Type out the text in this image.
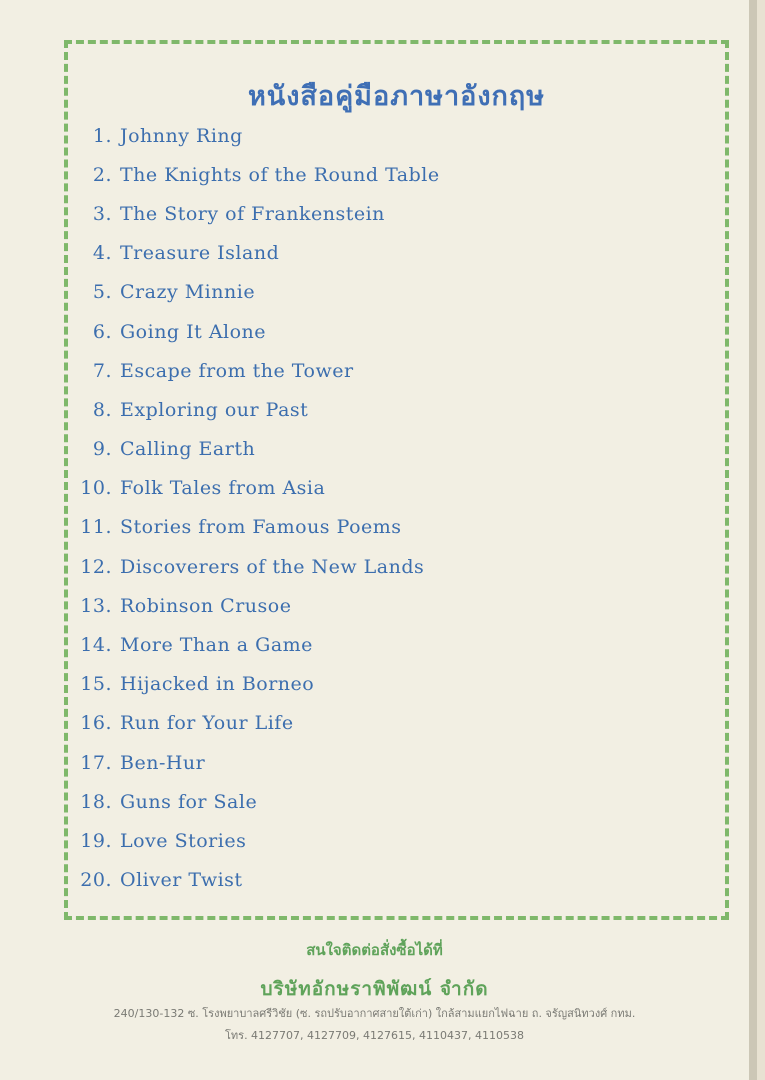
หนังสือคู่มือภาษาอังกฤษ
1. Johnny Ring
2. The Knights of the Round Table
3. The Story of Frankenstein
4. Treasure Island
5. Crazy Minnie
6. Going It Alone
7. Escape from the Tower
8. Exploring our Past
9. Calling Earth
10. Folk Tales from Asia
11. Stories from Famous Poems
12. Discoverers of the New Lands
13. Robinson Crusoe
14. More Than a Game
15. Hijacked in Borneo
16. Run for Your Life
17. Ben-Hur
18. Guns for Sale
19. Love Stories
20. Oliver Twist
สนใจติดต่อสั่งซื้อได้ที่
บริษัทอักษราพิพัฒน์ จำกัด
240/130-132 ซ. โรงพยาบาลศรีวิชัย (ซ. รถปรับอากาศสายใต้เก่า) ใกล้สามแยกไฟฉาย ถ. จรัญสนิทวงศ์ กทม.
โทร. 4127707, 4127709, 4127615, 4110437, 4110538
